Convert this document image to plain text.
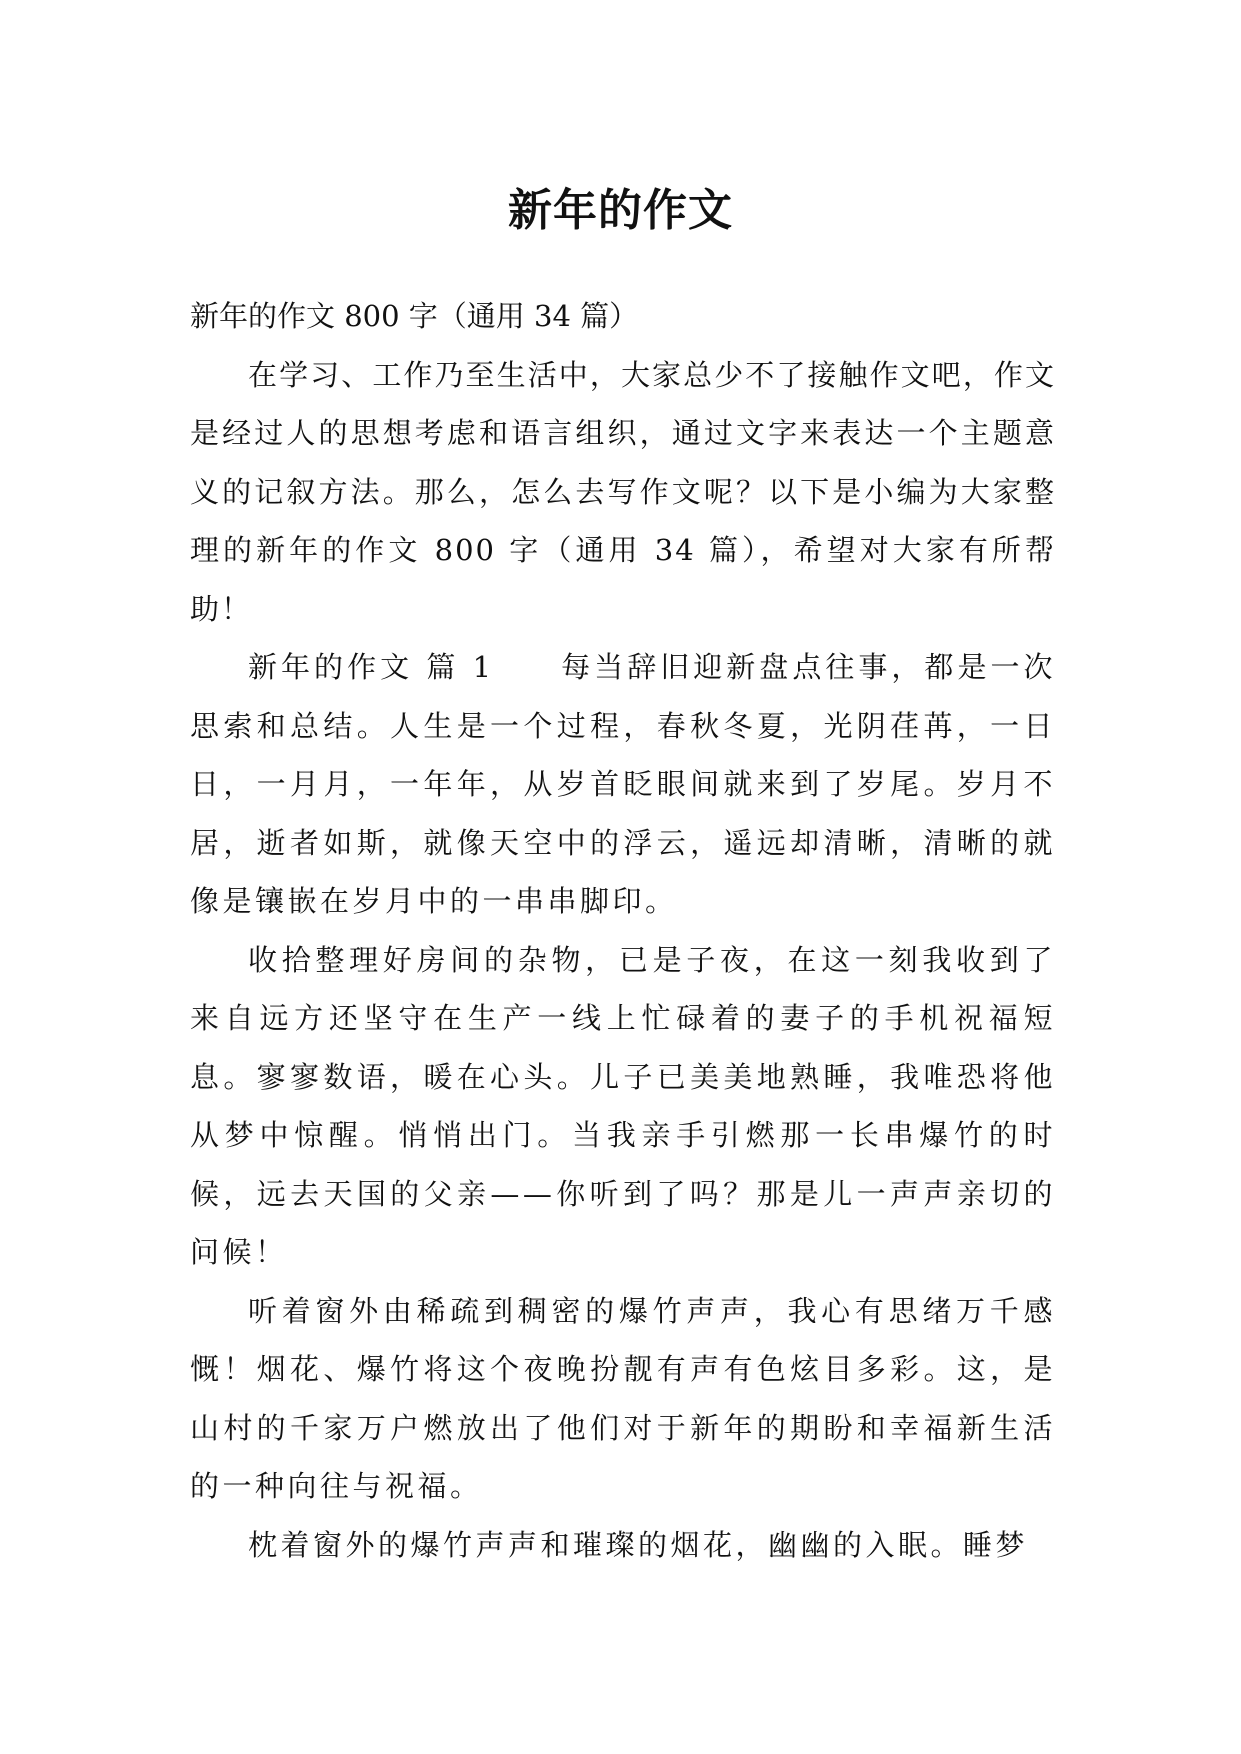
新年的作文

新年的作文 800 字（通用 34 篇）

在学习、工作乃至生活中，大家总少不了接触作文吧，作文是经过人的思想考虑和语言组织，通过文字来表达一个主题意义的记叙方法。那么，怎么去写作文呢？以下是小编为大家整理的新年的作文 800 字（通用 34 篇），希望对大家有所帮助！

新年的作文 篇 1　　每当辞旧迎新盘点往事，都是一次思索和总结。人生是一个过程，春秋冬夏，光阴荏苒，一日日，一月月，一年年，从岁首眨眼间就来到了岁尾。岁月不居，逝者如斯，就像天空中的浮云，遥远却清晰，清晰的就像是镶嵌在岁月中的一串串脚印。

收拾整理好房间的杂物，已是子夜，在这一刻我收到了来自远方还坚守在生产一线上忙碌着的妻子的手机祝福短息。寥寥数语，暖在心头。儿子已美美地熟睡，我唯恐将他从梦中惊醒。悄悄出门。当我亲手引燃那一长串爆竹的时候，远去天国的父亲——你听到了吗？那是儿一声声亲切的问候！

听着窗外由稀疏到稠密的爆竹声声，我心有思绪万千感慨！烟花、爆竹将这个夜晚扮靓有声有色炫目多彩。这，是山村的千家万户燃放出了他们对于新年的期盼和幸福新生活的一种向往与祝福。

枕着窗外的爆竹声声和璀璨的烟花，幽幽的入眠。睡梦
